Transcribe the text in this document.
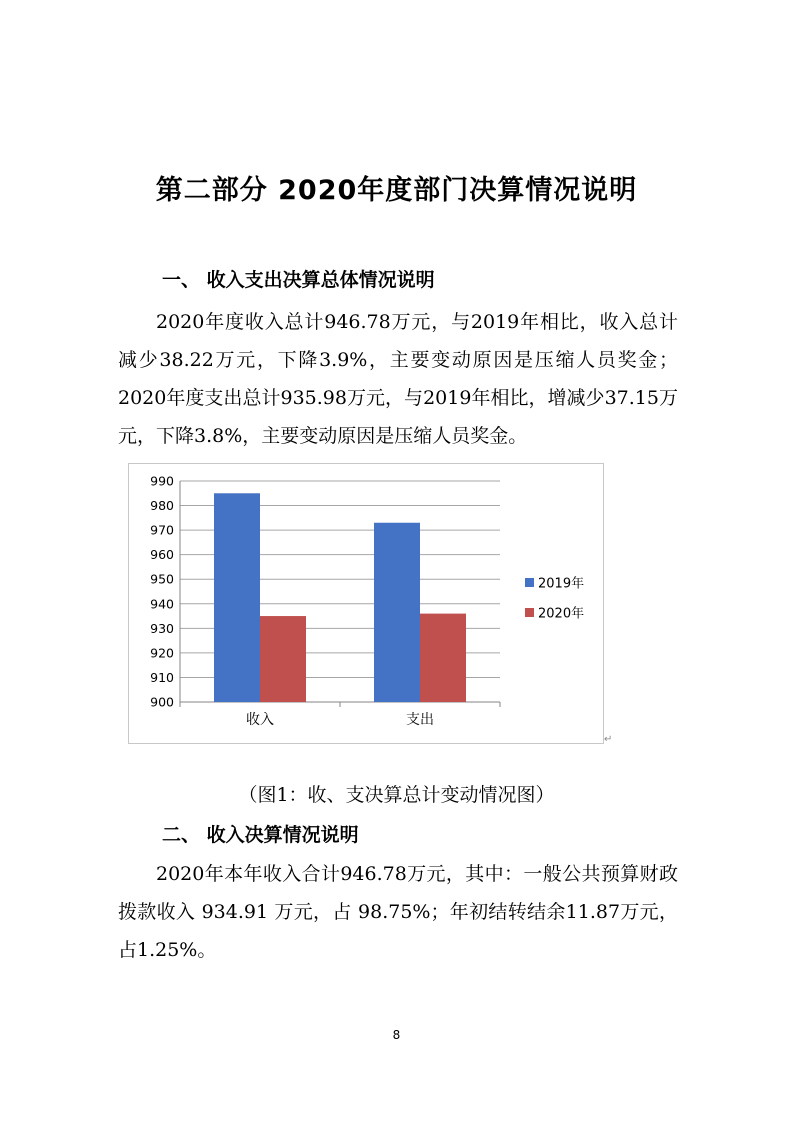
第二部分 2020年度部门决算情况说明
一、 收入支出决算总体情况说明

2020年度收入总计946.78万元，与2019年相比，收入总计减少38.22万元，下降3.9%，主要变动原因是压缩人员奖金；2020年度支出总计935.98万元，与2019年相比，增减少37.15万元，下降3.8%，主要变动原因是压缩人员奖金。

900
910
920
930
940
950
960
970
980
990
收入	支出
2019年
2020年
↵
（图1：收、支决算总计变动情况图）
二、 收入决算情况说明

2020年本年收入合计946.78万元，其中：一般公共预算财政拨款收入 934.91 万元，占 98.75%；年初结转结余11.87万元，占1.25%。

8
